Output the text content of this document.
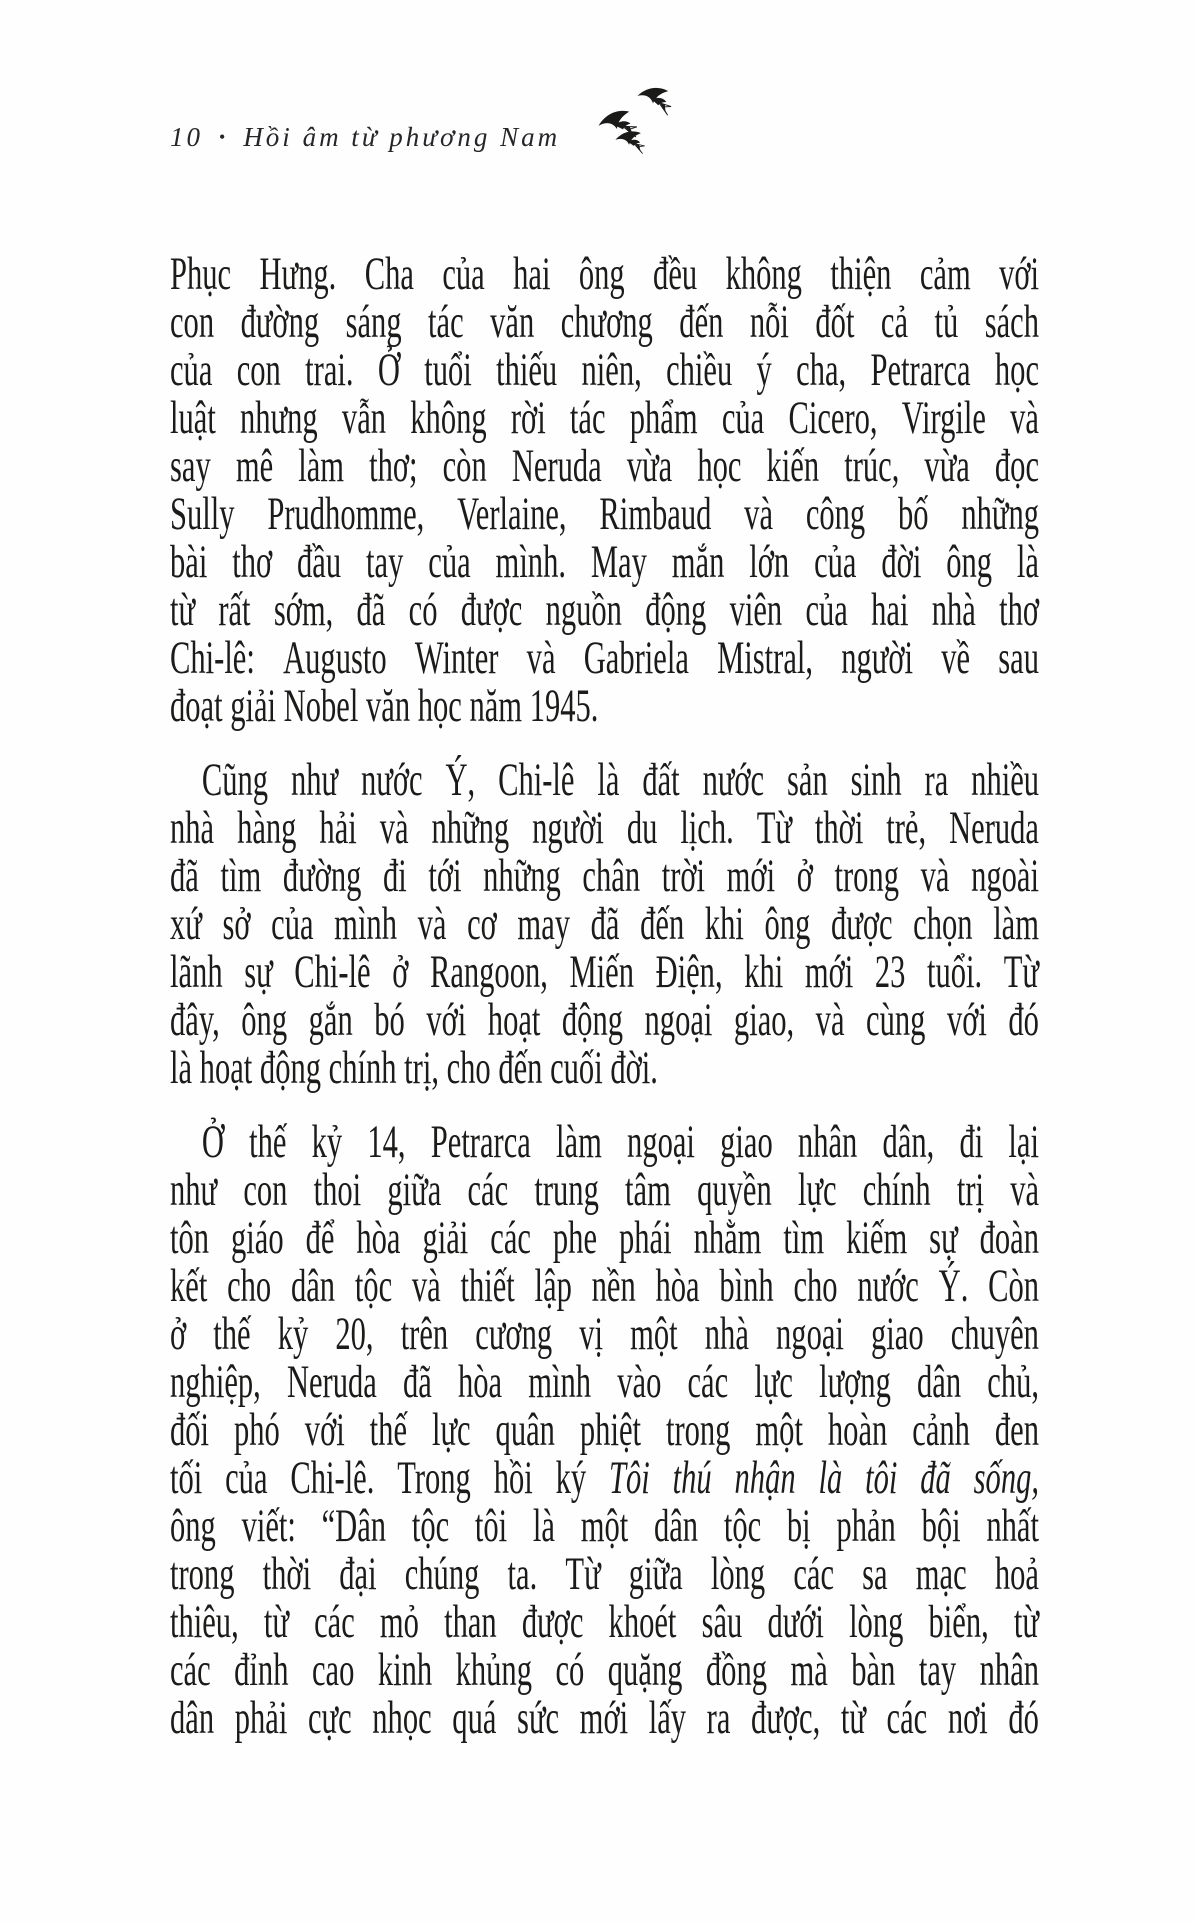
10 • Hồi âm từ phương Nam
Phục Hưng. Cha của hai ông đều không thiện cảm với
con đường sáng tác văn chương đến nỗi đốt cả tủ sách
của con trai. Ở tuổi thiếu niên, chiều ý cha, Petrarca học
luật nhưng vẫn không rời tác phẩm của Cicero, Virgile và
say mê làm thơ; còn Neruda vừa học kiến trúc, vừa đọc
Sully Prudhomme, Verlaine, Rimbaud và công bố những
bài thơ đầu tay của mình. May mắn lớn của đời ông là
từ rất sớm, đã có được nguồn động viên của hai nhà thơ
Chi-lê: Augusto Winter và Gabriela Mistral, người về sau
đoạt giải Nobel văn học năm 1945.
Cũng như nước Ý, Chi-lê là đất nước sản sinh ra nhiều
nhà hàng hải và những người du lịch. Từ thời trẻ, Neruda
đã tìm đường đi tới những chân trời mới ở trong và ngoài
xứ sở của mình và cơ may đã đến khi ông được chọn làm
lãnh sự Chi-lê ở Rangoon, Miến Điện, khi mới 23 tuổi. Từ
đây, ông gắn bó với hoạt động ngoại giao, và cùng với đó
là hoạt động chính trị, cho đến cuối đời.
Ở thế kỷ 14, Petrarca làm ngoại giao nhân dân, đi lại
như con thoi giữa các trung tâm quyền lực chính trị và
tôn giáo để hòa giải các phe phái nhằm tìm kiếm sự đoàn
kết cho dân tộc và thiết lập nền hòa bình cho nước Ý. Còn
ở thế kỷ 20, trên cương vị một nhà ngoại giao chuyên
nghiệp, Neruda đã hòa mình vào các lực lượng dân chủ,
đối phó với thế lực quân phiệt trong một hoàn cảnh đen
tối của Chi-lê. Trong hồi ký Tôi thú nhận là tôi đã sống,
ông viết: “Dân tộc tôi là một dân tộc bị phản bội nhất
trong thời đại chúng ta. Từ giữa lòng các sa mạc hoả
thiêu, từ các mỏ than được khoét sâu dưới lòng biển, từ
các đỉnh cao kinh khủng có quặng đồng mà bàn tay nhân
dân phải cực nhọc quá sức mới lấy ra được, từ các nơi đó
